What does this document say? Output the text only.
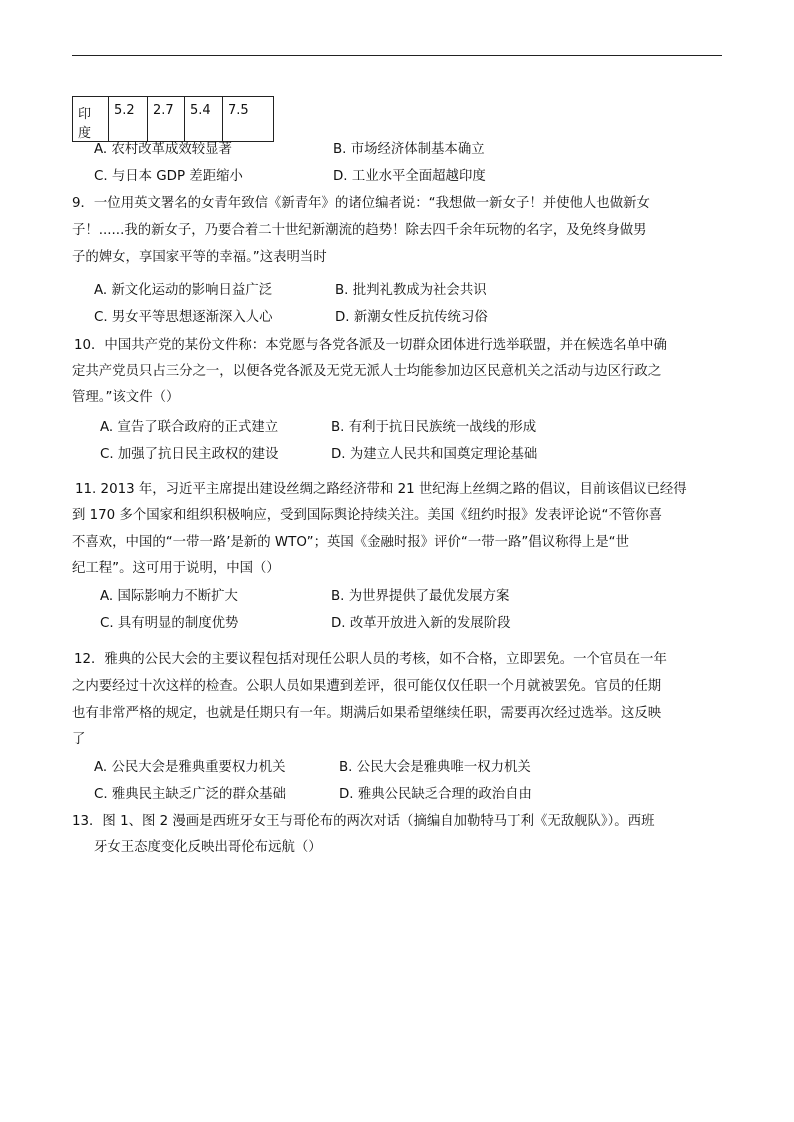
印度	5.2	2.7	5.4	7.5
A. 农村改革成效较显著	B. 市场经济体制基本确立
C. 与日本 GDP 差距缩小	D. 工业水平全面超越印度
9．一位用英文署名的女青年致信《新青年》的诸位编者说：“我想做一新女子！并使他人也做新女
子！......我的新女子，乃要合着二十世纪新潮流的趋势！除去四千余年玩物的名字，及免终身做男
子的婢女，享国家平等的幸福。”这表明当时
A. 新文化运动的影响日益广泛	B. 批判礼教成为社会共识
C. 男女平等思想逐渐深入人心	D. 新潮女性反抗传统习俗
10．中国共产党的某份文件称：本党愿与各党各派及一切群众团体进行选举联盟，并在候选名单中确
定共产党员只占三分之一，以便各党各派及无党无派人士均能参加边区民意机关之活动与边区行政之
管理。”该文件（）
A. 宣告了联合政府的正式建立	B. 有利于抗日民族统一战线的形成
C. 加强了抗日民主政权的建设	D. 为建立人民共和国奠定理论基础
11. 2013 年，习近平主席提出建设丝绸之路经济带和 21 世纪海上丝绸之路的倡议，目前该倡议已经得
到 170 多个国家和组织积极响应，受到国际舆论持续关注。美国《纽约时报》发表评论说“不管你喜
不喜欢，中国的“一带一路’是新的 WTO”；英国《金融时报》评价“一带一路”倡议称得上是“世
纪工程”。这可用于说明，中国（）
A. 国际影响力不断扩大	B. 为世界提供了最优发展方案
C. 具有明显的制度优势	D. 改革开放进入新的发展阶段
12．雅典的公民大会的主要议程包括对现任公职人员的考核，如不合格，立即罢免。一个官员在一年
之内要经过十次这样的检查。公职人员如果遭到差评，很可能仅仅任职一个月就被罢免。官员的任期
也有非常严格的规定，也就是任期只有一年。期满后如果希望继续任职，需要再次经过选举。这反映
了
A. 公民大会是雅典重要权力机关	B. 公民大会是雅典唯一权力机关
C. 雅典民主缺乏广泛的群众基础	D. 雅典公民缺乏合理的政治自由
13．图 1、图 2 漫画是西班牙女王与哥伦布的两次对话（摘编自加勒特马丁利《无敌舰队》）。西班
牙女王态度变化反映出哥伦布远航（）
